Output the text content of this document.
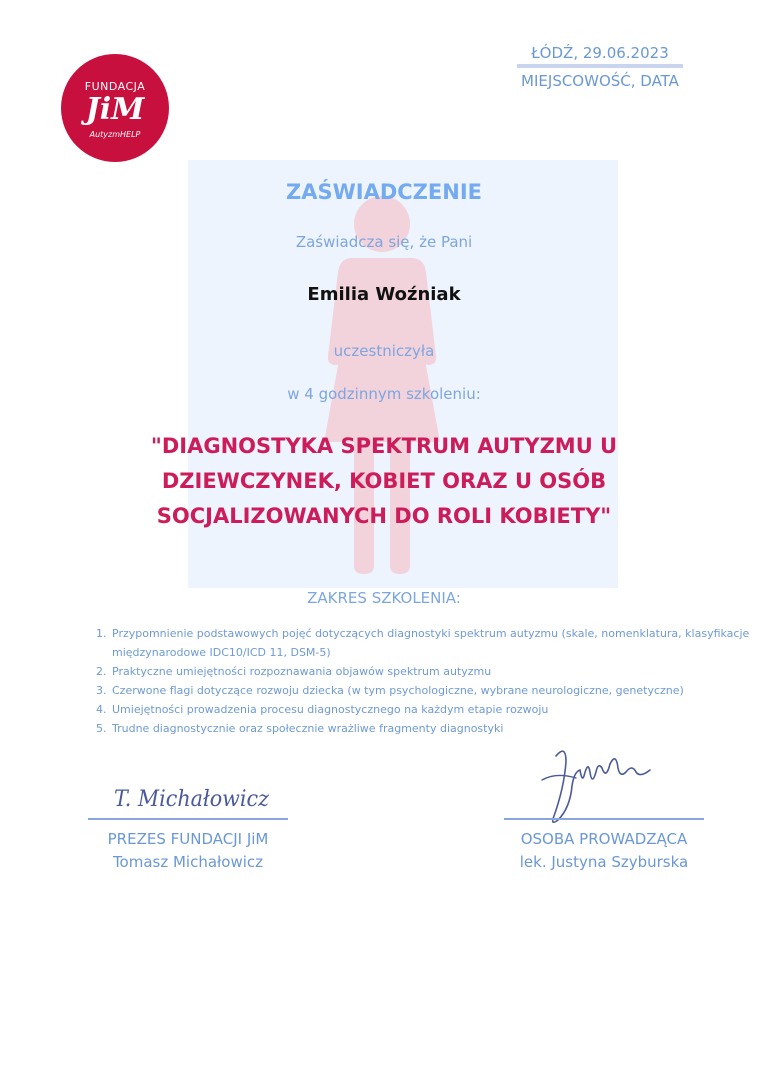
FUNDACJA
JiM
AutyzmHELP
ŁÓDŹ, 29.06.2023
MIEJSCOWOŚĆ, DATA
ZAŚWIADCZENIE
Zaświadcza się, że Pani
Emilia Woźniak
uczestniczyła
w 4 godzinnym szkoleniu:
"DIAGNOSTYKA SPEKTRUM AUTYZMU U DZIEWCZYNEK, KOBIET ORAZ U OSÓB SOCJALIZOWANYCH DO ROLI KOBIETY"
ZAKRES SZKOLENIA:
1. Przypomnienie podstawowych pojęć dotyczących diagnostyki spektrum autyzmu (skale, nomenklatura, klasyfikacje międzynarodowe IDC10/ICD 11, DSM-5)
2. Praktyczne umiejętności rozpoznawania objawów spektrum autyzmu
3. Czerwone flagi dotyczące rozwoju dziecka (w tym psychologiczne, wybrane neurologiczne, genetyczne)
4. Umiejętności prowadzenia procesu diagnostycznego na każdym etapie rozwoju
5. Trudne diagnostycznie oraz społecznie wrażliwe fragmenty diagnostyki
T. Michałowicz
PREZES FUNDACJI JiM
Tomasz Michałowicz
OSOBA PROWADZĄCA
lek. Justyna Szyburska
